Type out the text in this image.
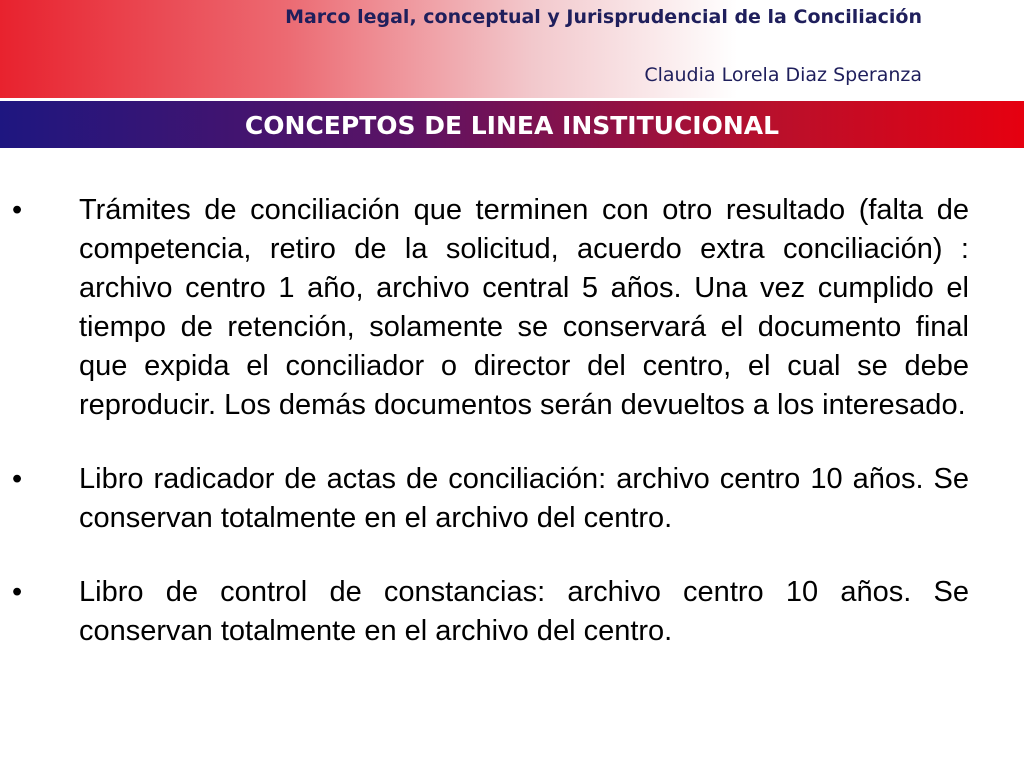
Marco legal, conceptual y Jurisprudencial de la Conciliación
Claudia Lorela Diaz Speranza
CONCEPTOS DE LINEA INSTITUCIONAL
• Trámites de conciliación que terminen con otro resultado (falta de competencia, retiro de la solicitud, acuerdo extra conciliación) : archivo centro 1 año, archivo central 5 años. Una vez cumplido el tiempo de retención, solamente se conservará el documento final que expida el conciliador o director del centro, el cual se debe reproducir. Los demás documentos serán devueltos a los interesado.
• Libro radicador de actas de conciliación: archivo centro 10 años. Se conservan totalmente en el archivo del centro.
• Libro de control de constancias: archivo centro 10 años. Se conservan totalmente en el archivo del centro.
